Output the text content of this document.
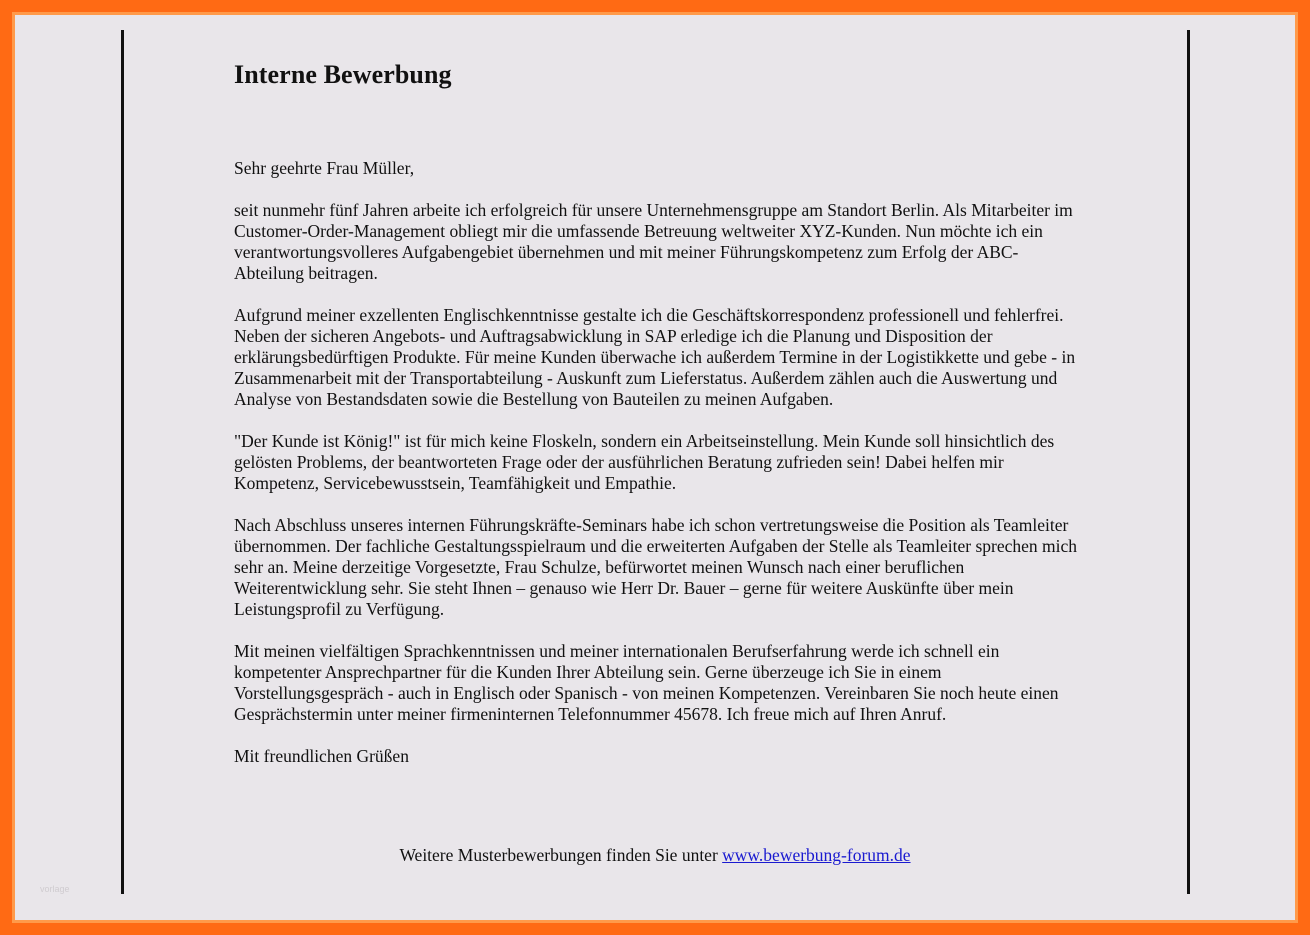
Interne Bewerbung

Sehr geehrte Frau Müller,

seit nunmehr fünf Jahren arbeite ich erfolgreich für unsere Unternehmensgruppe am Standort Berlin. Als Mitarbeiter im Customer-Order-Management obliegt mir die umfassende Betreuung weltweiter XYZ-Kunden. Nun möchte ich ein verantwortungsvolleres Aufgabengebiet übernehmen und mit meiner Führungskompetenz zum Erfolg der ABC-Abteilung beitragen.

Aufgrund meiner exzellenten Englischkenntnisse gestalte ich die Geschäftskorrespondenz professionell und fehlerfrei. Neben der sicheren Angebots- und Auftragsabwicklung in SAP erledige ich die Planung und Disposition der erklärungsbedürftigen Produkte. Für meine Kunden überwache ich außerdem Termine in der Logistikkette und gebe - in Zusammenarbeit mit der Transportabteilung - Auskunft zum Lieferstatus. Außerdem zählen auch die Auswertung und Analyse von Bestandsdaten sowie die Bestellung von Bauteilen zu meinen Aufgaben.

"Der Kunde ist König!" ist für mich keine Floskeln, sondern ein Arbeitseinstellung. Mein Kunde soll hinsichtlich des gelösten Problems, der beantworteten Frage oder der ausführlichen Beratung zufrieden sein! Dabei helfen mir Kompetenz, Servicebewusstsein, Teamfähigkeit und Empathie.

Nach Abschluss unseres internen Führungskräfte-Seminars habe ich schon vertretungsweise die Position als Teamleiter übernommen. Der fachliche Gestaltungsspielraum und die erweiterten Aufgaben der Stelle als Teamleiter sprechen mich sehr an. Meine derzeitige Vorgesetzte, Frau Schulze, befürwortet meinen Wunsch nach einer beruflichen Weiterentwicklung sehr. Sie steht Ihnen – genauso wie Herr Dr. Bauer – gerne für weitere Auskünfte über mein Leistungsprofil zu Verfügung.

Mit meinen vielfältigen Sprachkenntnissen und meiner internationalen Berufserfahrung werde ich schnell ein kompetenter Ansprechpartner für die Kunden Ihrer Abteilung sein. Gerne überzeuge ich Sie in einem Vorstellungsgespräch - auch in Englisch oder Spanisch - von meinen Kompetenzen. Vereinbaren Sie noch heute einen Gesprächstermin unter meiner firmeninternen Telefonnummer 45678. Ich freue mich auf Ihren Anruf.

Mit freundlichen Grüßen

Weitere Musterbewerbungen finden Sie unter www.bewerbung-forum.de
vorlage
